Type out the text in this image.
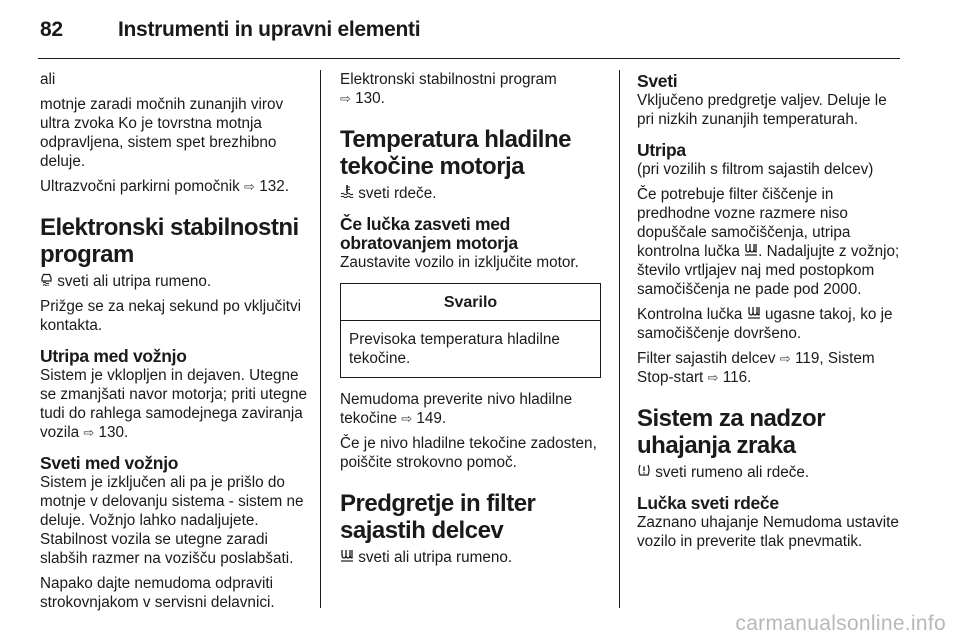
82	Instrumenti in upravni elementi

ali

motnje zaradi močnih zunanjih virov ultra zvoka Ko je tovrstna motnja odpravljena, sistem spet brezhibno deluje.

Ultrazvočni parkirni pomočnik ⇨ 132.

Elektronski stabilnostni program

sveti ali utripa rumeno.

Prižge se za nekaj sekund po vključitvi kontakta.

Utripa med vožnjo

Sistem je vklopljen in dejaven. Utegne se zmanjšati navor motorja; priti utegne tudi do rahlega samodejnega zaviranja vozila ⇨ 130.

Sveti med vožnjo

Sistem je izključen ali pa je prišlo do motnje v delovanju sistema - sistem ne deluje. Vožnjo lahko nadaljujete. Stabilnost vozila se utegne zaradi slabših razmer na vozišču poslabšati.

Napako dajte nemudoma odpraviti strokovnjakom v servisni delavnici.

Elektronski stabilnostni program
⇨ 130.

Temperatura hladilne tekočine motorja

sveti rdeče.

Če lučka zasveti med obratovanjem motorja

Zaustavite vozilo in izključite motor.

Svarilo
Previsoka temperatura hladilne tekočine.

Nemudoma preverite nivo hladilne tekočine ⇨ 149.

Če je nivo hladilne tekočine zadosten, poiščite strokovno pomoč.

Predgretje in filter sajastih delcev

sveti ali utripa rumeno.

Sveti

Vključeno predgretje valjev. Deluje le pri nizkih zunanjih temperaturah.

Utripa

(pri vozilih s filtrom sajastih delcev)

Če potrebuje filter čiščenje in predhodne vozne razmere niso dopuščale samočiščenja, utripa kontrolna lučka . Nadaljujte z vožnjo; število vrtljajev naj med postopkom samočiščenja ne pade pod 2000.

Kontrolna lučka  ugasne takoj, ko je samočiščenje dovršeno.

Filter sajastih delcev ⇨ 119, Sistem Stop-start ⇨ 116.

Sistem za nadzor uhajanja zraka

sveti rumeno ali rdeče.

Lučka sveti rdeče

Zaznano uhajanje Nemudoma ustavite vozilo in preverite tlak pnevmatik.

carmanualsonline.info
